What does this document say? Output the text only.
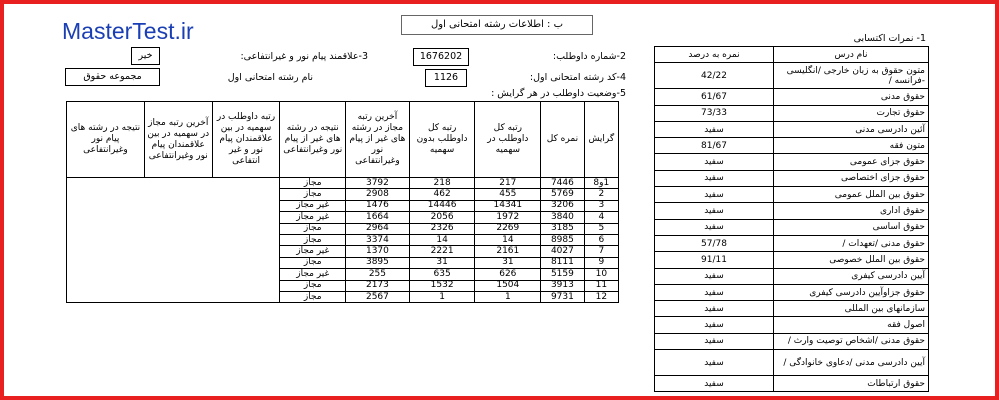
MasterTest.ir	ب : اطلاعات رشته امتحانی اول
1- نمرات اکتسابی
2-شماره داوطلب:
1676202
3-علاقمند پیام نور و غیرانتفاعی:
خیر
4-کد رشته امتحانی اول:
1126
نام رشته امتحانی اول
مجموعه حقوق
5-وضعیت داوطلب در هر گرایش :
نام درس	نمره به درصد
متون حقوق به زبان خارجی /انگلیسی -فرانسه /	42/22
حقوق مدنی	61/67
حقوق تجارت	73/33
آئین دادرسی مدنی	سفید
متون فقه	81/67
حقوق جزای عمومی	سفید
حقوق جزای اختصاصی	سفید
حقوق بین الملل عمومی	سفید
حقوق اداری	سفید
حقوق اساسی	سفید
حقوق مدنی /تعهدات /	57/78
حقوق بین الملل خصوصی	91/11
آیین دادرسی کیفری	سفید
حقوق جزاوآیین دادرسی کیفری	سفید
سازمانهای بین المللی	سفید
اصول فقه	سفید
حقوق مدنی /اشخاص توصیت وارث /	سفید
آیین دادرسی مدنی /دعاوی خانوادگی /	سفید
حقوق ارتباطات	سفید
گرایش	نمره کل	رتبه کل داوطلب در سهمیه	رتبه کل داوطلب بدون سهمیه	آخرین رتبه مجاز در رشته های غیر از پیام نور وغیرانتفاعی	نتیجه در رشته های غیر از پیام نور وغیرانتفاعی	رتبه داوطلب در سهمیه در بین علاقمندان پیام نور و غیر انتفاعی	آخرین رتبه مجاز در سهمیه در بین علاقمندان پیام نور وغیرانتفاعی	نتیجه در رشته های پیام نور وغیرانتفاعی
1و8	7446	217	218	3792	مجاز			
2	5769	455	462	2908	مجاز			
3	3206	14341	14446	1476	غیر مجاز			
4	3840	1972	2056	1664	غیر مجاز			
5	3185	2269	2326	2964	مجاز			
6	8985	14	14	3374	مجاز			
7	4027	2161	2221	1370	غیر مجاز			
9	8111	31	31	3895	مجاز			
10	5159	626	635	255	غیر مجاز			
11	3913	1504	1532	2173	مجاز			
12	9731	1	1	2567	مجاز			
